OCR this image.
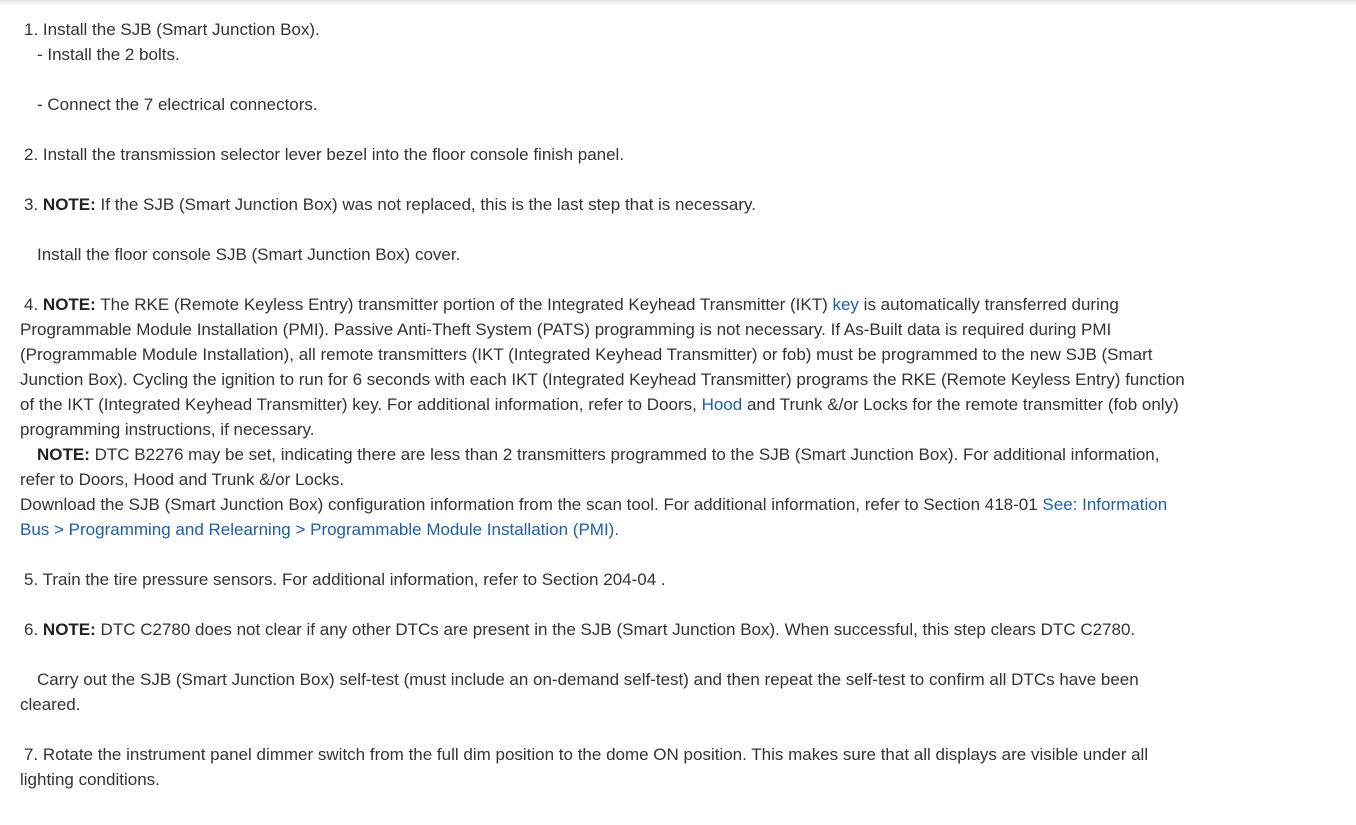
1. Install the SJB (Smart Junction Box).
- Install the 2 bolts.
- Connect the 7 electrical connectors.
2. Install the transmission selector lever bezel into the floor console finish panel.
3. NOTE: If the SJB (Smart Junction Box) was not replaced, this is the last step that is necessary.
Install the floor console SJB (Smart Junction Box) cover.
4. NOTE: The RKE (Remote Keyless Entry) transmitter portion of the Integrated Keyhead Transmitter (IKT) key is automatically transferred during
Programmable Module Installation (PMI). Passive Anti-Theft System (PATS) programming is not necessary. If As-Built data is required during PMI
(Programmable Module Installation), all remote transmitters (IKT (Integrated Keyhead Transmitter) or fob) must be programmed to the new SJB (Smart
Junction Box). Cycling the ignition to run for 6 seconds with each IKT (Integrated Keyhead Transmitter) programs the RKE (Remote Keyless Entry) function
of the IKT (Integrated Keyhead Transmitter) key. For additional information, refer to Doors, Hood and Trunk &/or Locks for the remote transmitter (fob only)
programming instructions, if necessary.
NOTE: DTC B2276 may be set, indicating there are less than 2 transmitters programmed to the SJB (Smart Junction Box). For additional information,
refer to Doors, Hood and Trunk &/or Locks.
Download the SJB (Smart Junction Box) configuration information from the scan tool. For additional information, refer to Section 418-01 See: Information
Bus > Programming and Relearning > Programmable Module Installation (PMI).
5. Train the tire pressure sensors. For additional information, refer to Section 204-04 .
6. NOTE: DTC C2780 does not clear if any other DTCs are present in the SJB (Smart Junction Box). When successful, this step clears DTC C2780.
Carry out the SJB (Smart Junction Box) self-test (must include an on-demand self-test) and then repeat the self-test to confirm all DTCs have been
cleared.
7. Rotate the instrument panel dimmer switch from the full dim position to the dome ON position. This makes sure that all displays are visible under all
lighting conditions.
